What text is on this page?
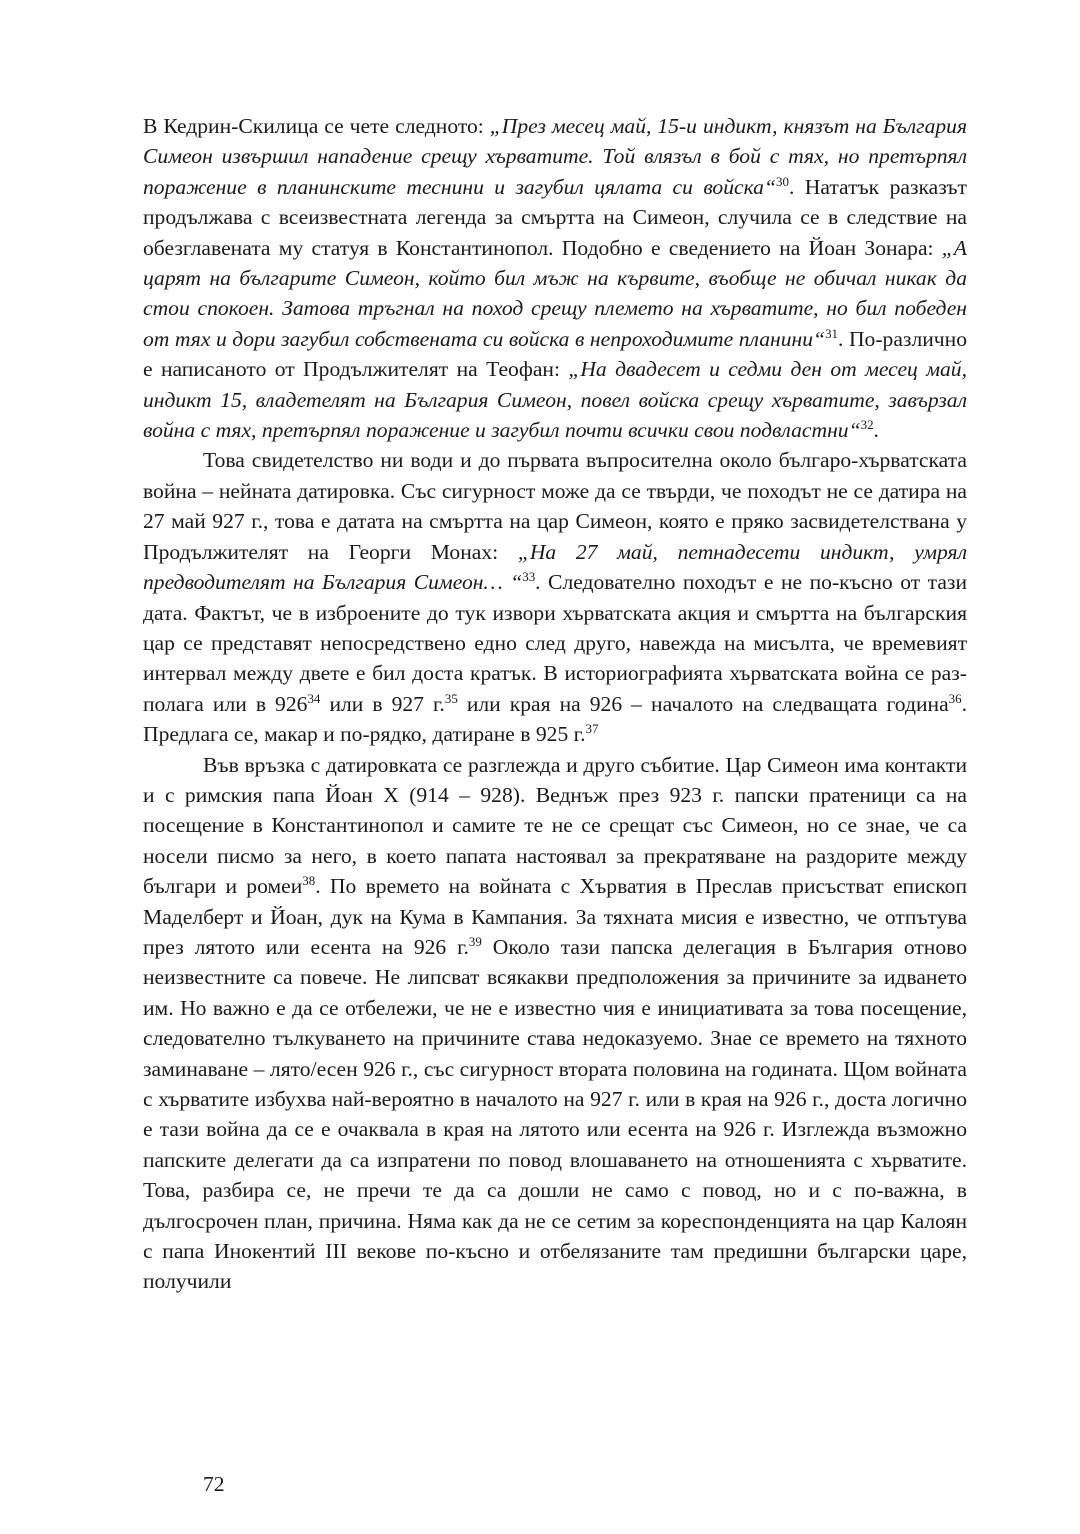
В Кедрин-Скилица се чете следното: „През месец май, 15-и индикт, князът на България Симеон извършил нападение срещу хърватите. Той влязъл в бой с тях, но претърпял поражение в планинските теснини и загубил цялата си войска“$^{30}$. Нататък разказът продължава с всеизвестната легенда за смъртта на Симеон, случила се в следствие на обезглавената му статуя в Константинопол. Подобно е сведението на Йоан Зонара: „А царят на българите Симеон, който бил мъж на кървите, въобще не обичал никак да стои спокоен. Затова тръгнал на поход срещу племето на хърватите, но бил победен от тях и дори загубил собствената си войска в непроходимите планини“$^{31}$. По-различно е написаното от Продължителят на Теофан: „На двадесет и седми ден от месец май, индикт 15, владетелят на България Симеон, повел войска срещу хърватите, завързал война с тях, претърпял поражение и загубил почти всички свои подвластни“$^{32}$.

Това свидетелство ни води и до първата въпросителна около българо-хърватската война – нейната датировка. Със сигурност може да се твърди, че походът не се датира на 27 май 927 г., това е датата на смъртта на цар Симеон, която е пряко засвидетелствана у Продължителят на Георги Монах: „На 27 май, петнадесети индикт, умрял предводителят на България Симеон… “$^{33}$. Следователно походът е не по-късно от тази дата. Фактът, че в изброените до тук извори хърватската акция и смъртта на българския цар се представят непосредствено едно след друго, навежда на мисълта, че времевият интервал между двете е бил доста кратък. В историографията хърватската война се разполага или в $926^{34}$ или в 927 г.$^{35}$ или края на 926 – началото на следващата година$^{36}$. Предлага се, макар и по-рядко, датиране в 925 г.$^{37}$

Във връзка с датировката се разглежда и друго събитие. Цар Симеон има контакти и с римския папа Йоан X (914 – 928). Веднъж през 923 г. папски пратеници са на посещение в Константинопол и самите те не се срещат със Симеон, но се знае, че са носели писмо за него, в което папата настоявал за прекратяване на раздорите между българи и ромеи$^{38}$. По времето на войната с Хърватия в Преслав присъстват епископ Маделберт и Йоан, дук на Кума в Кампания. За тяхната мисия е известно, че отпътува през лятото или есента на 926 г.$^{39}$ Около тази папска делегация в България отново неизвестните са повече. Не липсват всякакви предположения за причините за идването им. Но важно е да се отбележи, че не е известно чия е инициативата за това посещение, следователно тълкуването на причините става недоказуемо. Знае се времето на тяхното заминаване – лято/есен 926 г., със сигурност втората половина на годината. Щом войната с хърватите избухва най-вероятно в началото на 927 г. или в края на 926 г., доста логично е тази война да се е очаквала в края на лятото или есента на 926 г. Изглежда възможно папските делегати да са изпратени по повод влошаването на отношенията с хърватите. Това, разбира се, не пречи те да са дошли не само с повод, но и с по-важна, в дългосрочен план, причина. Няма как да не се сетим за кореспонденцията на цар Калоян с папа Инокентий III векове по-късно и отбелязаните там предишни български царе, получили

72
